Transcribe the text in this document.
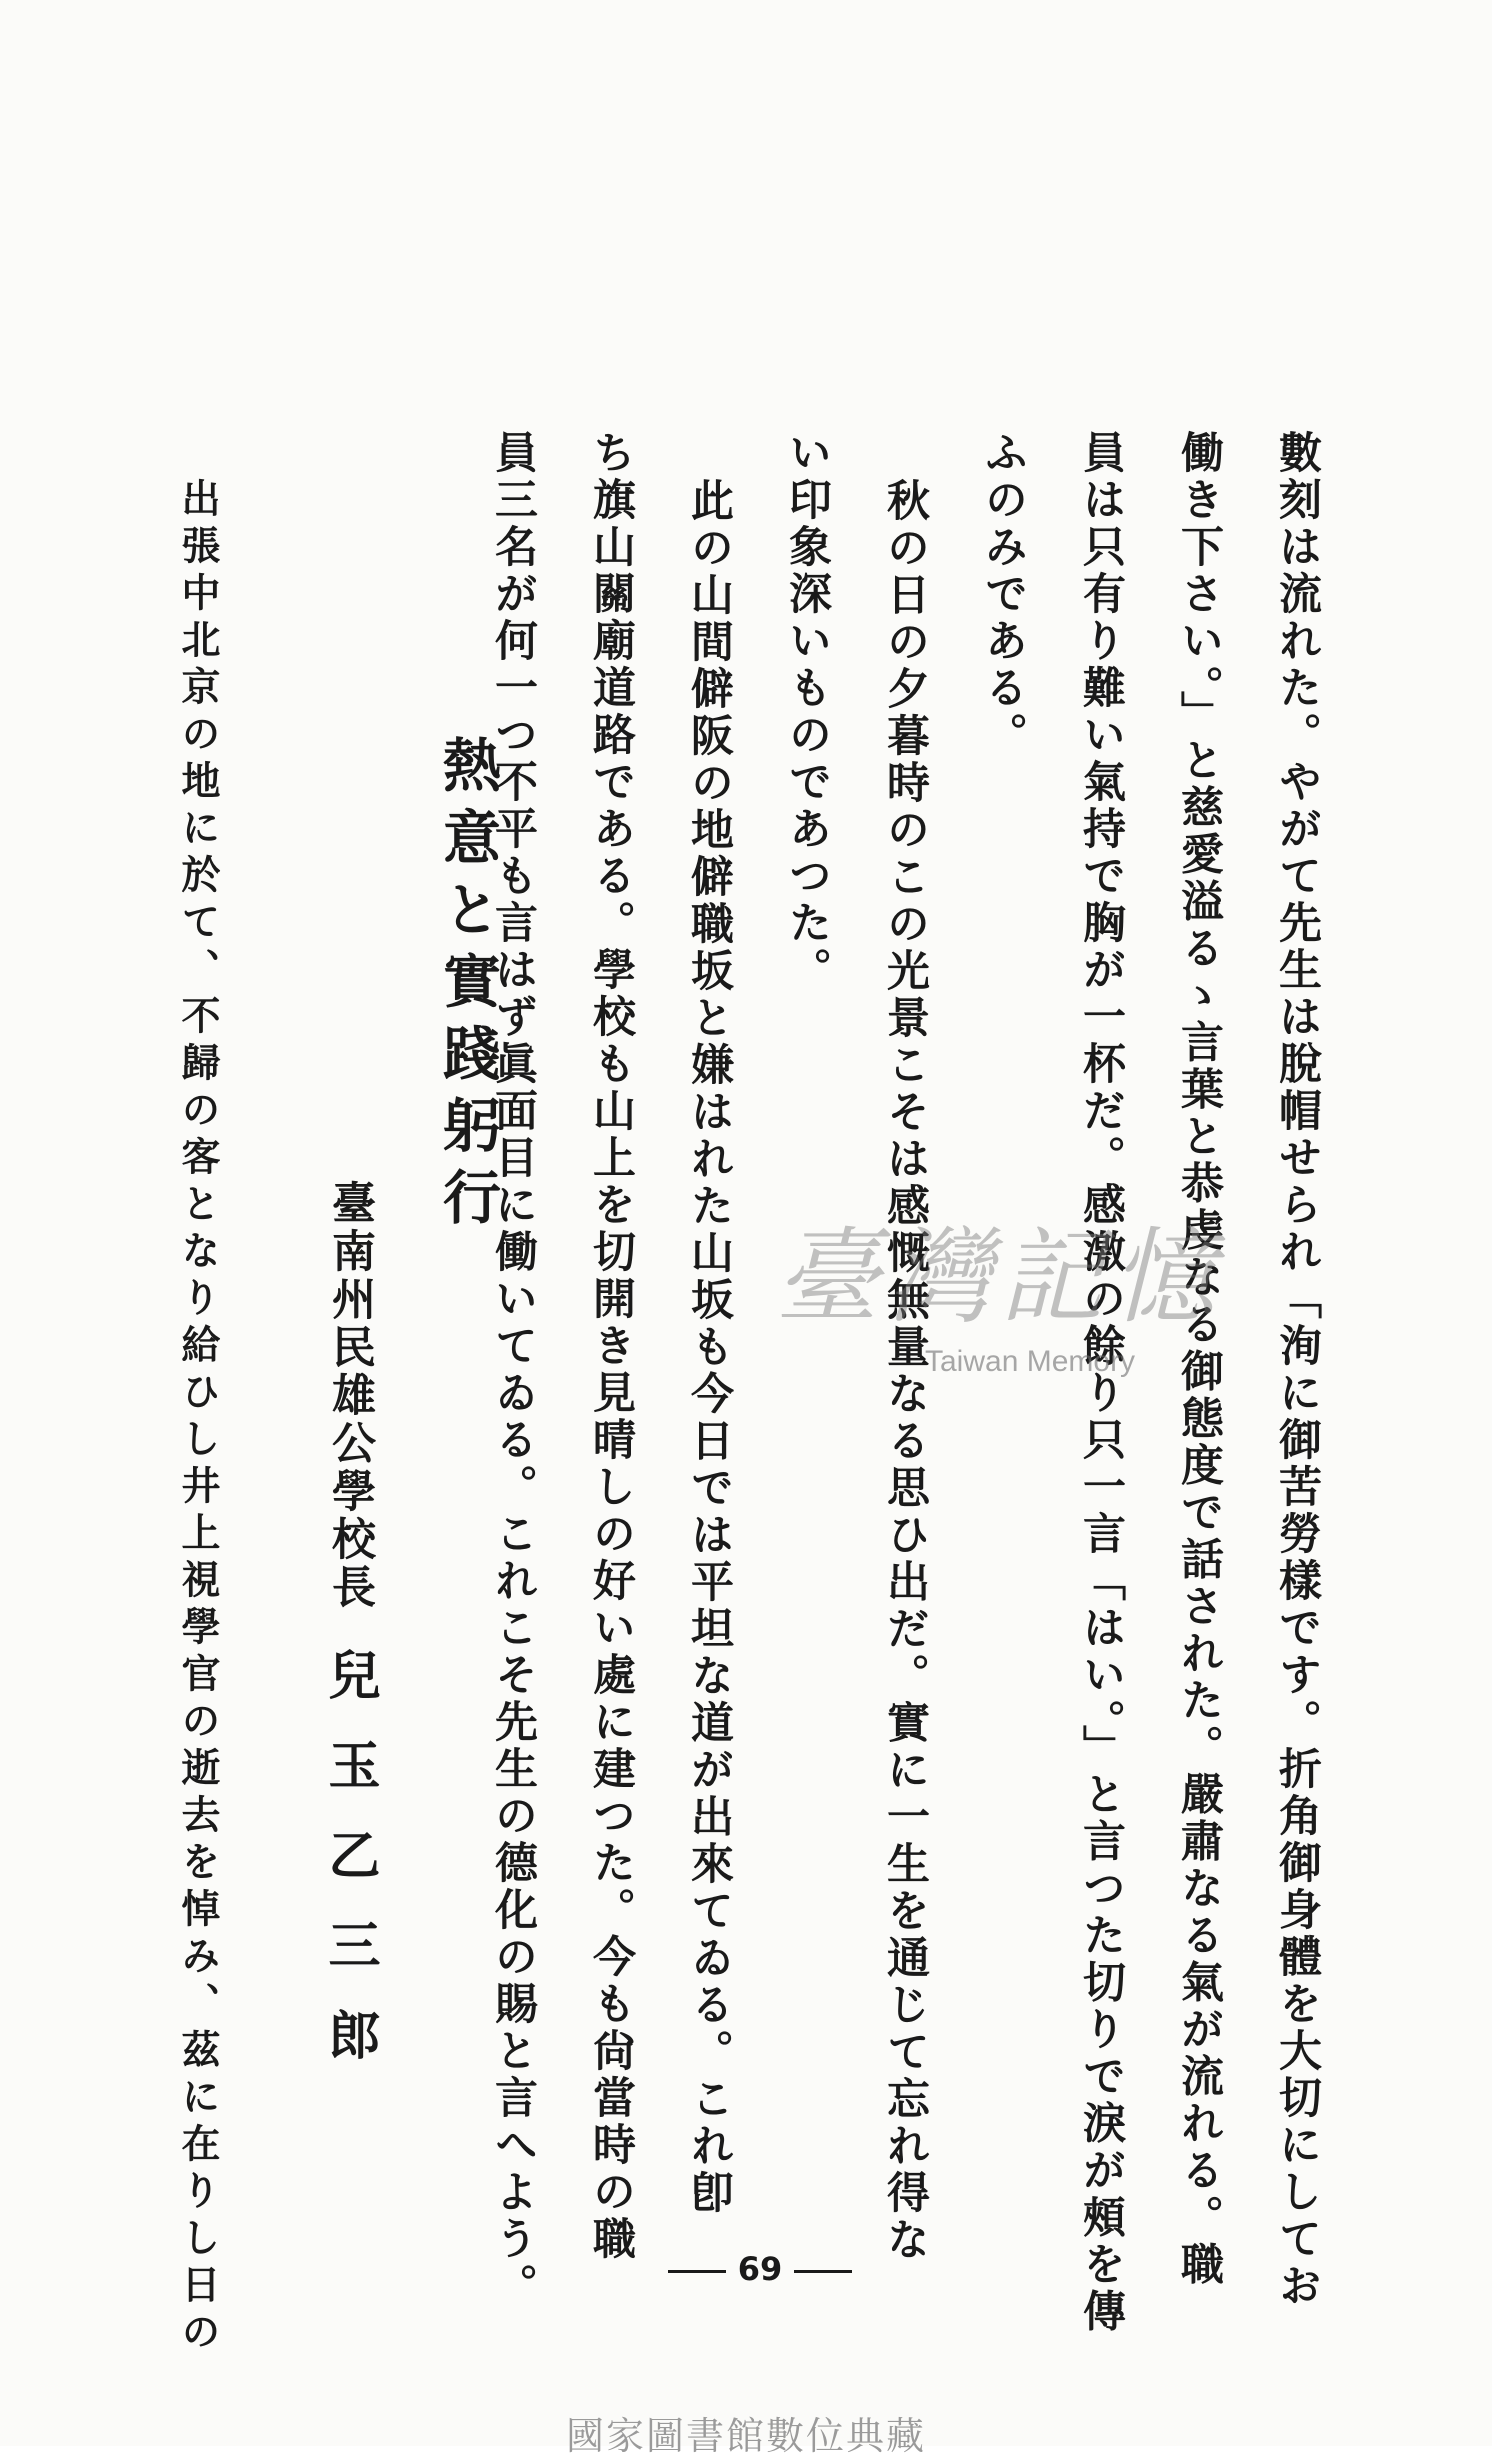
數刻は流れた。やがて先生は脫帽せられ「洵に御苦勞樣です。折角御身體を大切にしてお
働き下さい。」と慈愛溢るゝ言葉と恭虔なる御態度で話された。嚴肅なる氣が流れる。職
員は只有り難い氣持で胸が一杯だ。感激の餘り只一言「はい。」と言つた切りで淚が頰を傳
ふのみである。
秋の日の夕暮時のこの光景こそは感慨無量なる思ひ出だ。實に一生を通じて忘れ得な
い印象深いものであつた。
此の山間僻阪の地僻職坂と嫌はれた山坂も今日では平坦な道が出來てゐる。これ卽
ち旗山關廟道路である。學校も山上を切開き見晴しの好い處に建つた。今も尙當時の職
員三名が何一つ不平も言はず眞面目に働いてゐる。これこそ先生の德化の賜と言へよう。
熱意と實踐躬行
臺南州民雄公學校長 兒玉乙三郎
出張中北京の地に於て、不歸の客となり給ひし井上視學官の逝去を悼み、茲に在りし日の	臺灣記憶
Taiwan Memory
69
國家圖書館數位典藏
